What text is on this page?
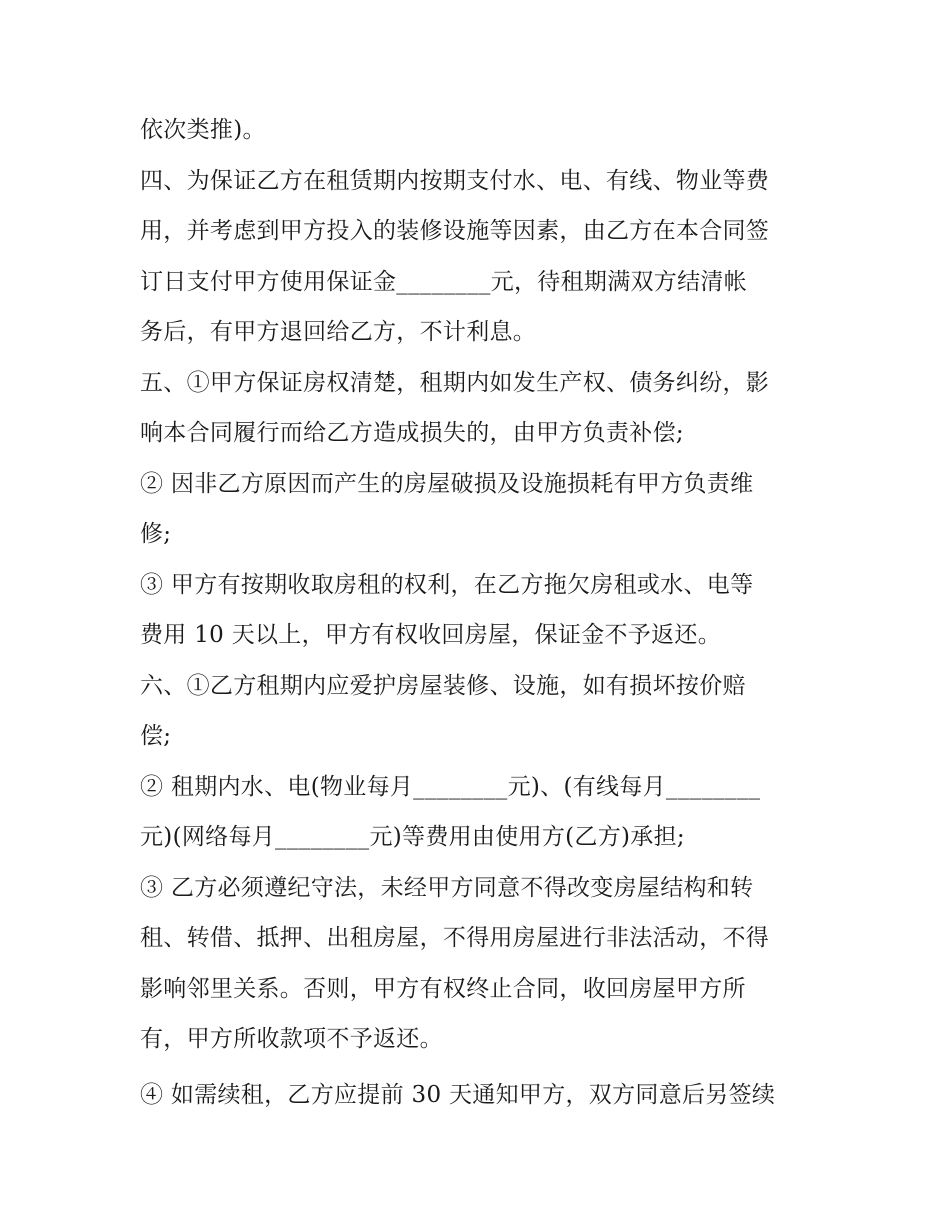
依次类推)。
四、为保证乙方在租赁期内按期支付水、电、有线、物业等费
用，并考虑到甲方投入的装修设施等因素，由乙方在本合同签
订日支付甲方使用保证金________元，待租期满双方结清帐
务后，有甲方退回给乙方，不计利息。
五、①甲方保证房权清楚，租期内如发生产权、债务纠纷，影
响本合同履行而给乙方造成损失的，由甲方负责补偿;
② 因非乙方原因而产生的房屋破损及设施损耗有甲方负责维
修;
③ 甲方有按期收取房租的权利，在乙方拖欠房租或水、电等
费用 10 天以上，甲方有权收回房屋，保证金不予返还。
六、①乙方租期内应爱护房屋装修、设施，如有损坏按价赔
偿;
② 租期内水、电(物业每月________元)、(有线每月________
元)(网络每月________元)等费用由使用方(乙方)承担;
③ 乙方必须遵纪守法，未经甲方同意不得改变房屋结构和转
租、转借、抵押、出租房屋，不得用房屋进行非法活动，不得
影响邻里关系。否则，甲方有权终止合同，收回房屋甲方所
有，甲方所收款项不予返还。
④ 如需续租，乙方应提前 30 天通知甲方，双方同意后另签续
